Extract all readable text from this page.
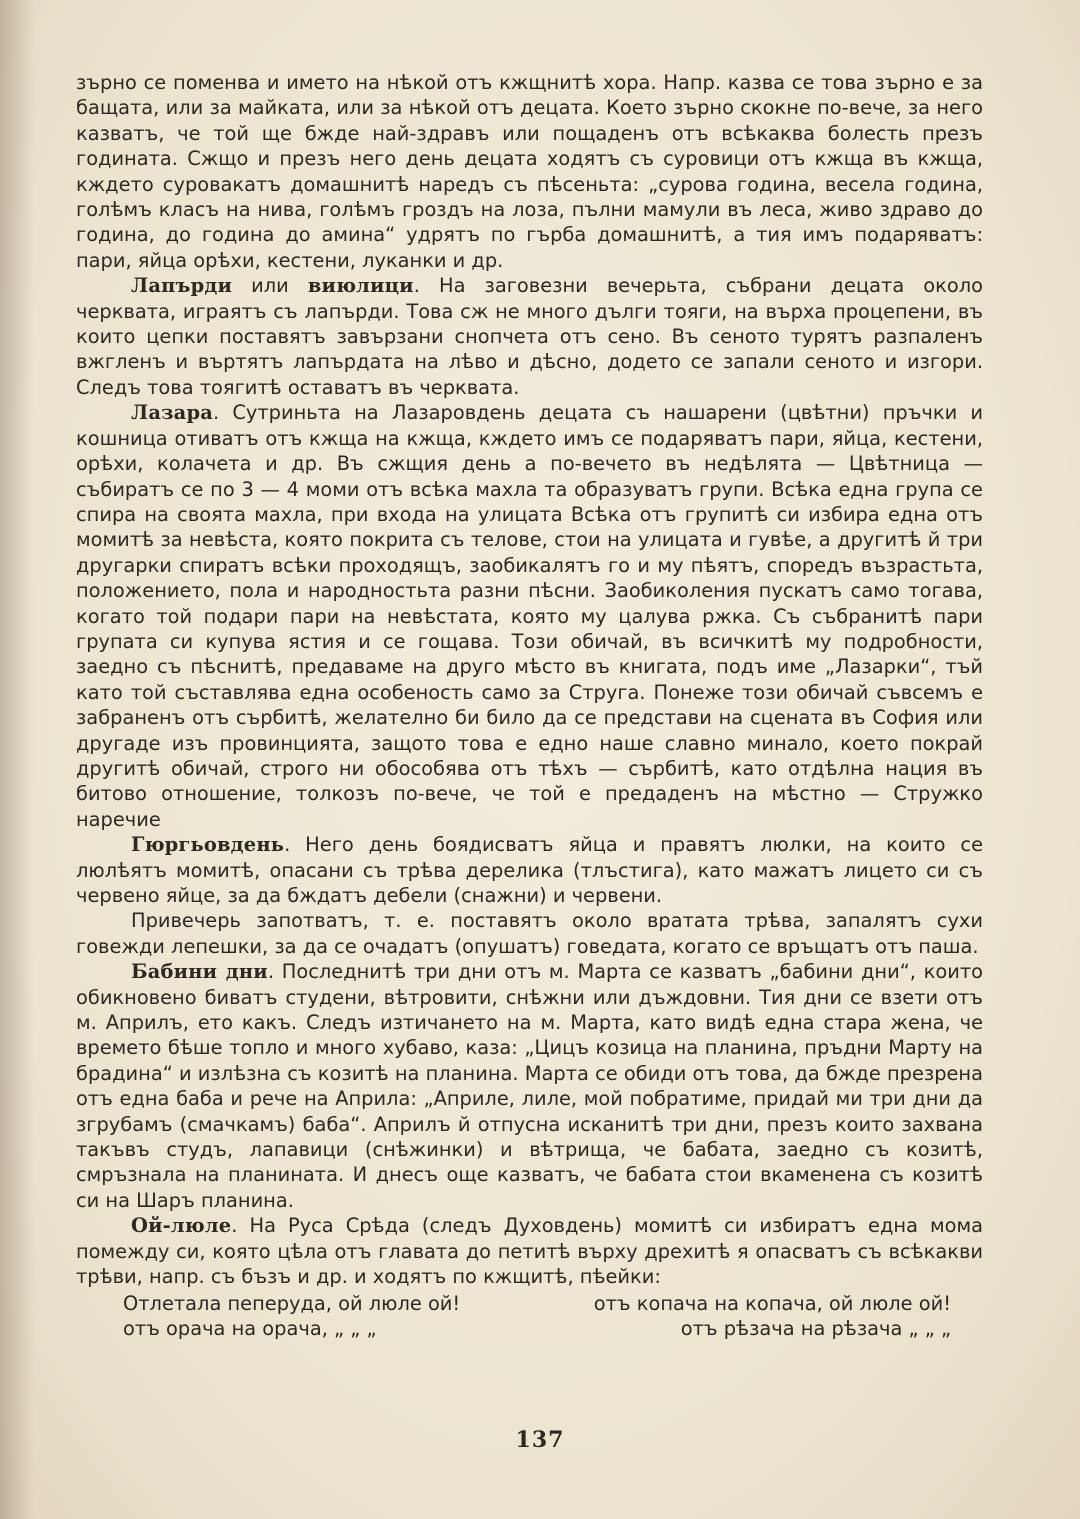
зърно се поменва и името на нѣкой отъ кжщнитѣ хора. Напр. казва се това зърно е за бащата, или за майката, или за нѣкой отъ децата. Което зърно скокне по-вече, за него казватъ, че той ще бжде най-здравъ или пощаденъ отъ всѣкаква болесть презъ годината. Сжщо и презъ него день децата ходятъ съ суровици отъ кжща въ кжща, кждето суровакатъ домашнитѣ наредъ съ пѣсеньта: „сурова година, весела година, голѣмъ класъ на нива, голѣмъ гроздъ на лоза, пълни мамули въ леса, живо здраво до година, до година до амина“ удрятъ по гърба домашнитѣ, а тия имъ подаряватъ: пари, яйца орѣхи, кестени, луканки и др.

Лапърди или виюлици. На заговезни вечерьта, събрани децата около черквата, играятъ съ лапърди. Това сж не много дълги тояги, на върха процепени, въ които цепки поставятъ завързани снопчета отъ сено. Въ сеното турятъ разпаленъ вжгленъ и въртятъ лапърдата на лѣво и дѣсно, додето се запали сеното и изгори. Следъ това тоягитѣ оставатъ въ черквата.

Лазара. Сутриньта на Лазаровдень децата съ нашарени (цвѣтни) пръчки и кошница отиватъ отъ кжща на кжща, кждето имъ се подаряватъ пари, яйца, кестени, орѣхи, колачета и др. Въ сжщия день а по-вечето въ недѣлята — Цвѣтница — събиратъ се по 3 — 4 моми отъ всѣка махла та образуватъ групи. Всѣка една група се спира на своята махла, при входа на улицата Всѣка отъ групитѣ си избира една отъ момитѣ за невѣста, която покрита съ телове, стои на улицата и гувѣе, а другитѣ й три другарки спиратъ всѣки проходящъ, заобикалятъ го и му пѣятъ, споредъ възрастьта, положението, пола и народностьта разни пѣсни. Заобиколения пускатъ само тогава, когато той подари пари на невѣстата, която му цалува ржка. Съ събранитѣ пари групата си купува ястия и се гощава. Този обичай, въ всичкитѣ му подробности, заедно съ пѣснитѣ, предаваме на друго мѣсто въ книгата, подъ име „Лазарки“, тъй като той съставлява една особеность само за Струга. Понеже този обичай съвсемъ е забраненъ отъ сърбитѣ, желателно би било да се представи на сцената въ София или другаде изъ провинцията, защото това е едно наше славно минало, което покрай другитѣ обичай, строго ни обособява отъ тѣхъ — сърбитѣ, като отдѣлна нация въ битово отношение, толкозъ по-вече, че той е предаденъ на мѣстно — Стружко наречие

Гюргьовдень. Него день боядисватъ яйца и правятъ люлки, на които се люлѣятъ момитѣ, опасани съ трѣва дерелика (тлъстига), като мажатъ лицето си съ червено яйце, за да бждатъ дебели (снажни) и червени.

Привечерь запотватъ, т. е. поставятъ около вратата трѣва, запалятъ сухи говежди лепешки, за да се очадатъ (опушатъ) говедата, когато се връщатъ отъ паша.

Бабини дни. Последнитѣ три дни отъ м. Марта се казватъ „бабини дни“, които обикновено биватъ студени, вѣтровити, снѣжни или дъждовни. Тия дни се взети отъ м. Априлъ, ето какъ. Следъ изтичането на м. Марта, като видѣ една стара жена, че времето бѣше топло и много хубаво, каза: „Цицъ козица на планина, пръдни Марту на брадина“ и излѣзна съ козитѣ на планина. Марта се обиди отъ това, да бжде презрена отъ една баба и рече на Априла: „Априле, лиле, мой побратиме, придай ми три дни да згрубамъ (смачкамъ) баба“. Априлъ й отпусна исканитѣ три дни, презъ които захвана такъвъ студъ, лапавици (снѣжинки) и вѣтрища, че бабата, заедно съ козитѣ, смръзнала на планината. И днесъ още казватъ, че бабата стои вкаменена съ козитѣ си на Шаръ планина.

Ой-люле. На Руса Срѣда (следъ Духовдень) момитѣ си избиратъ една мома помежду си, която цѣла отъ главата до петитѣ върху дрехитѣ я опасватъ съ всѣкакви трѣви, напр. съ бъзъ и др. и ходятъ по кжщитѣ, пѣейки:

Отлетала пеперуда, ой люле ой!	отъ копача на копача, ой люле ой!
отъ орача на орача, „ „ „	отъ рѣзача на рѣзача „ „ „
137
